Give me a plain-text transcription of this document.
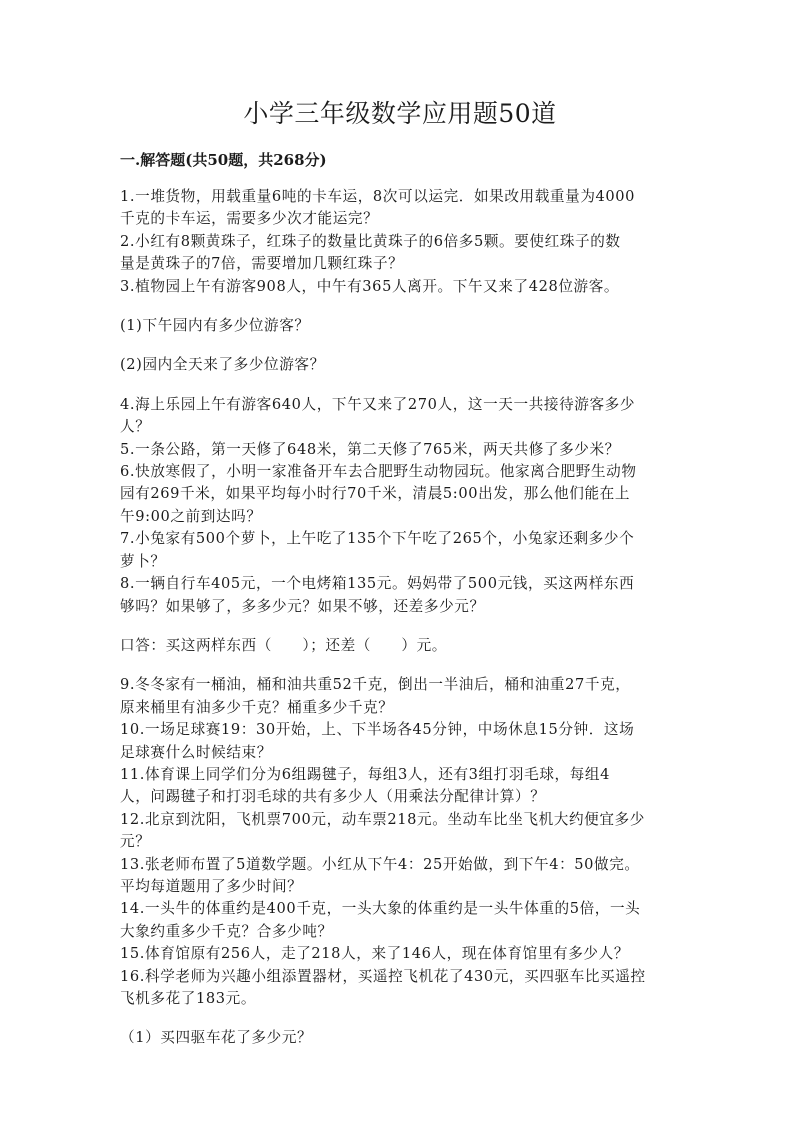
小学三年级数学应用题50道
一.解答题(共50题，共268分)

1.一堆货物，用载重量6吨的卡车运，8次可以运完．如果改用载重量为4000

千克的卡车运，需要多少次才能运完？

2.小红有8颗黄珠子，红珠子的数量比黄珠子的6倍多5颗。要使红珠子的数

量是黄珠子的7倍，需要增加几颗红珠子？

3.植物园上午有游客908人，中午有365人离开。下午又来了428位游客。

(1)下午园内有多少位游客？

(2)园内全天来了多少位游客？

4.海上乐园上午有游客640人，下午又来了270人，这一天一共接待游客多少

人？

5.一条公路，第一天修了648米，第二天修了765米，两天共修了多少米？

6.快放寒假了，小明一家准备开车去合肥野生动物园玩。他家离合肥野生动物

园有269千米，如果平均每小时行70千米，清晨5:00出发，那么他们能在上

午9:00之前到达吗？

7.小兔家有500个萝卜，上午吃了135个下午吃了265个，小兔家还剩多少个

萝卜？

8.一辆自行车405元，一个电烤箱135元。妈妈带了500元钱，买这两样东西

够吗？如果够了，多多少元？如果不够，还差多少元？

口答：买这两样东西（　　）；还差（　　）元。

9.冬冬家有一桶油，桶和油共重52千克，倒出一半油后，桶和油重27千克，

原来桶里有油多少千克？桶重多少千克？

10.一场足球赛19：30开始，上、下半场各45分钟，中场休息15分钟．这场

足球赛什么时候结束？

11.体育课上同学们分为6组踢毽子，每组3人，还有3组打羽毛球，每组4

人，问踢毽子和打羽毛球的共有多少人（用乘法分配律计算）？

12.北京到沈阳，飞机票700元，动车票218元。坐动车比坐飞机大约便宜多少

元？

13.张老师布置了5道数学题。小红从下午4：25开始做，到下午4：50做完。

平均每道题用了多少时间？

14.一头牛的体重约是400千克，一头大象的体重约是一头牛体重的5倍，一头

大象约重多少千克？合多少吨？

15.体育馆原有256人，走了218人，来了146人，现在体育馆里有多少人？

16.科学老师为兴趣小组添置器材，买遥控飞机花了430元，买四驱车比买遥控

飞机多花了183元。

（1）买四驱车花了多少元？
